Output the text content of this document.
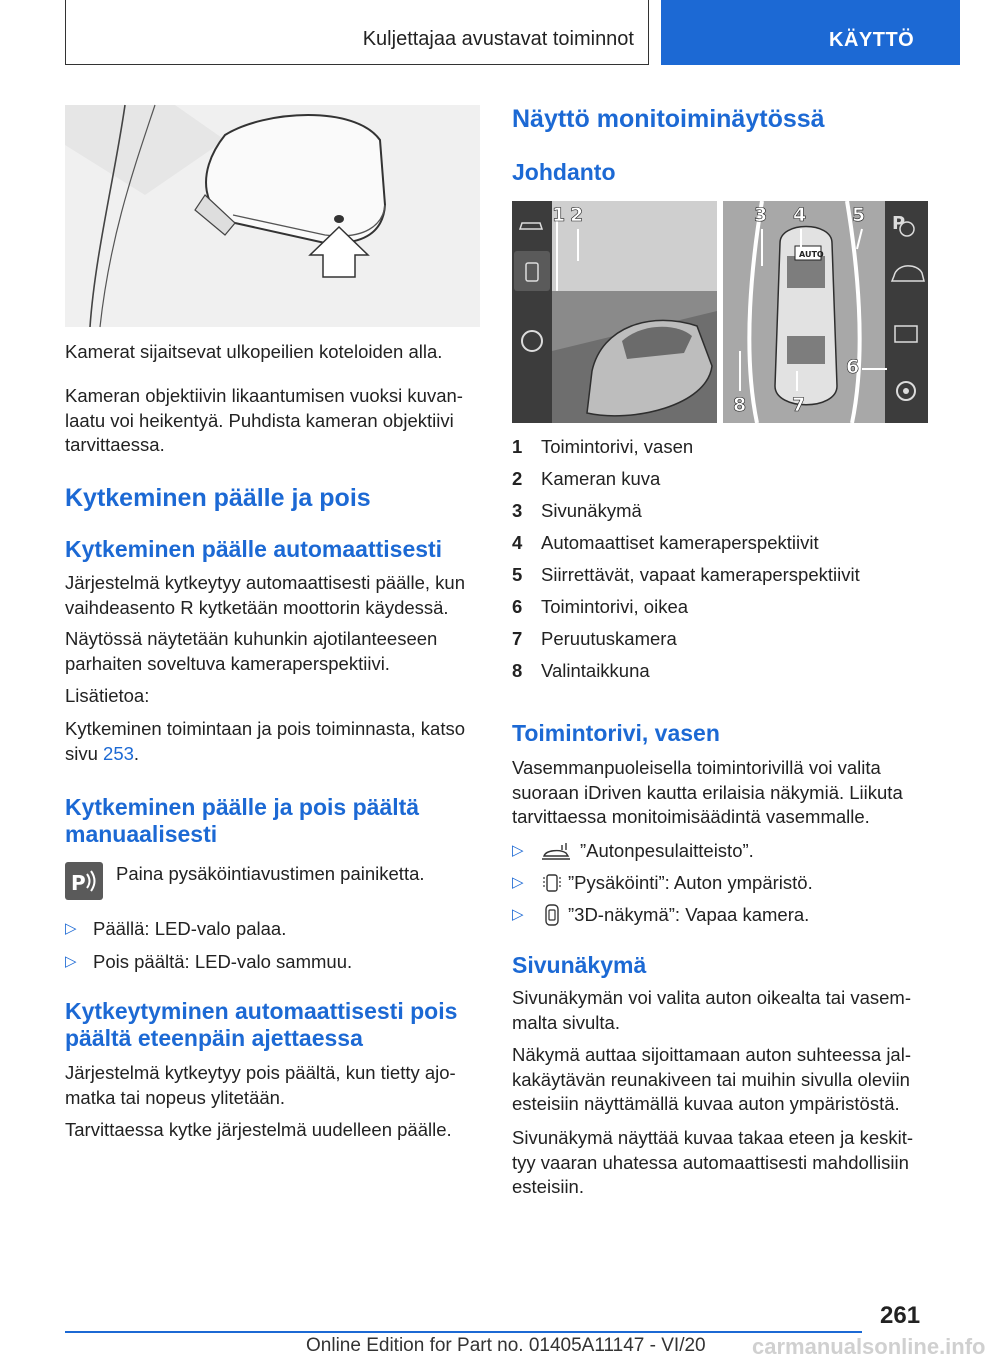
Kuljettajaa avustavat toiminnot	KÄYTTÖ

Kamerat sijaitsevat ulkopeilien koteloiden alla.

Kameran objektiivin likaantumisen vuoksi kuvan-

laatu voi heikentyä. Puhdista kameran objektiivi

tarvittaessa.

Kytkeminen päälle ja pois
Kytkeminen päälle automaattisesti

Järjestelmä kytkeytyy automaattisesti päälle, kun

vaihdeasento R kytketään moottorin käydessä.

Näytössä näytetään kuhunkin ajotilanteeseen

parhaiten soveltuva kameraperspektiivi.

Lisätietoa:

Kytkeminen toimintaan ja pois toiminnasta, katso

sivu 253.

Kytkeminen päälle ja pois päältä
manuaalisesti
P Paina pysäköintiavustimen painiketta.

▷ Päällä: LED-valo palaa.
▷ Pois päältä: LED-valo sammuu.
Kytkeytyminen automaattisesti pois
päältä eteenpäin ajettaessa

Järjestelmä kytkeytyy pois päältä, kun tietty ajo-

matka tai nopeus ylitetään.

Tarvittaessa kytke järjestelmä uudelleen päälle.

Näyttö monitoiminäytössä
Johdanto
AUTO
P
1 2	3 4 5
6
7
8
1 Toimintorivi, vasen
2 Kameran kuva
3 Sivunäkymä
4 Automaattiset kameraperspektiivit
5 Siirrettävät, vapaat kameraperspektiivit
6 Toimintorivi, oikea
7 Peruutuskamera
8 Valintaikkuna
Toimintorivi, vasen

Vasemmanpuoleisella toimintorivillä voi valita

suoraan iDriven kautta erilaisia näkymiä. Liikuta

tarvittaessa monitoimisäädintä vasemmalle.

▷	”Autonpesulaitteisto”.
▷ ”Pysäköinti”: Auton ympäristö.
▷ ”3D-näkymä”: Vapaa kamera.
Sivunäkymä

Sivunäkymän voi valita auton oikealta tai vasem-

malta sivulta.

Näkymä auttaa sijoittamaan auton suhteessa jal-

kakäytävän reunakiveen tai muihin sivulla oleviin

esteisiin näyttämällä kuvaa auton ympäristöstä.

Sivunäkymä näyttää kuvaa takaa eteen ja keskit-

tyy vaaran uhatessa automaattisesti mahdollisiin

esteisiin.

261
Online Edition for Part no. 01405A11147 - VI/20 carmanualsonline.info
